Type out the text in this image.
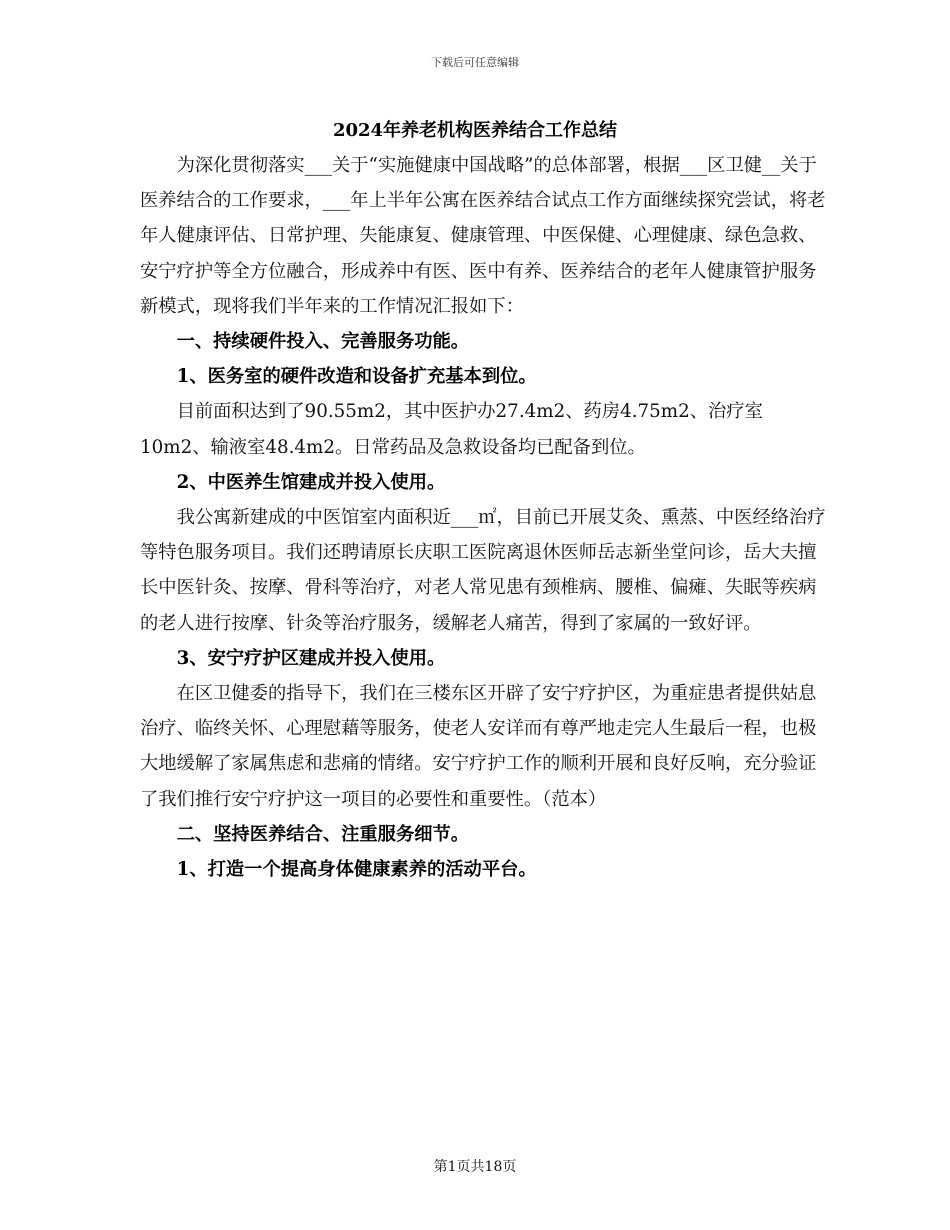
下载后可任意编辑
2024年养老机构医养结合工作总结

为深化贯彻落实___关于“实施健康中国战略”的总体部署，根据___区卫健__关于医养结合的工作要求，___年上半年公寓在医养结合试点工作方面继续探究尝试，将老年人健康评估、日常护理、失能康复、健康管理、中医保健、心理健康、绿色急救、安宁疗护等全方位融合，形成养中有医、医中有养、医养结合的老年人健康管护服务新模式，现将我们半年来的工作情况汇报如下：

一、持续硬件投入、完善服务功能。

1、医务室的硬件改造和设备扩充基本到位。

目前面积达到了90.55m2，其中医护办27.4m2、药房4.75m2、治疗室10m2、输液室48.4m2。日常药品及急救设备均已配备到位。

2、中医养生馆建成并投入使用。

我公寓新建成的中医馆室内面积近___㎡，目前已开展艾灸、熏蒸、中医经络治疗等特色服务项目。我们还聘请原长庆职工医院离退休医师岳志新坐堂问诊，岳大夫擅长中医针灸、按摩、骨科等治疗，对老人常见患有颈椎病、腰椎、偏瘫、失眠等疾病的老人进行按摩、针灸等治疗服务，缓解老人痛苦，得到了家属的一致好评。

3、安宁疗护区建成并投入使用。

在区卫健委的指导下，我们在三楼东区开辟了安宁疗护区，为重症患者提供姑息治疗、临终关怀、心理慰藉等服务，使老人安详而有尊严地走完人生最后一程，也极大地缓解了家属焦虑和悲痛的情绪。安宁疗护工作的顺利开展和良好反响，充分验证了我们推行安宁疗护这一项目的必要性和重要性。（范本）

二、坚持医养结合、注重服务细节。

1、打造一个提高身体健康素养的活动平台。

第1页共18页
